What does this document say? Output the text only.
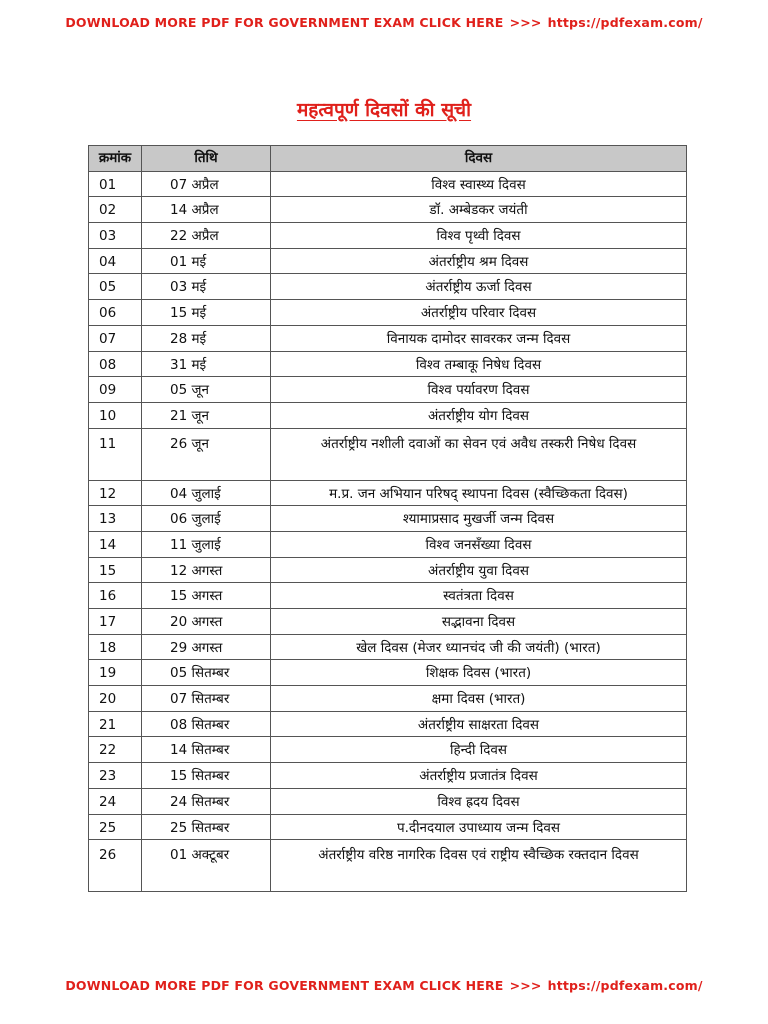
DOWNLOAD MORE PDF FOR GOVERNMENT EXAM CLICK HERE >>> https://pdfexam.com/
महत्वपूर्ण दिवसों की सूची
क्रमांक	तिथि	दिवस
01	07 अप्रैल	विश्व स्वास्थ्य दिवस
02	14 अप्रैल	डॉ. अम्बेडकर जयंती
03	22 अप्रैल	विश्व पृथ्वी दिवस
04	01 मई	अंतर्राष्ट्रीय श्रम दिवस
05	03 मई	अंतर्राष्ट्रीय ऊर्जा दिवस
06	15 मई	अंतर्राष्ट्रीय परिवार दिवस
07	28 मई	विनायक दामोदर सावरकर जन्म दिवस
08	31 मई	विश्व तम्बाकू निषेध दिवस
09	05 जून	विश्व पर्यावरण दिवस
10	21 जून	अंतर्राष्ट्रीय योग दिवस
11	26 जून	अंतर्राष्ट्रीय नशीली दवाओं का सेवन एवं अवैध तस्करी निषेध दिवस
12	04 जुलाई	म.प्र. जन अभियान परिषद् स्थापना दिवस (स्वैच्छिकता दिवस)
13	06 जुलाई	श्यामाप्रसाद मुखर्जी जन्म दिवस
14	11 जुलाई	विश्व जनसँख्या दिवस
15	12 अगस्त	अंतर्राष्ट्रीय युवा दिवस
16	15 अगस्त	स्वतंत्रता दिवस
17	20 अगस्त	सद्भावना दिवस
18	29 अगस्त	खेल दिवस (मेजर ध्यानचंद जी की जयंती) (भारत)
19	05 सितम्बर	शिक्षक दिवस (भारत)
20	07 सितम्बर	क्षमा दिवस (भारत)
21	08 सितम्बर	अंतर्राष्ट्रीय साक्षरता दिवस
22	14 सितम्बर	हिन्दी दिवस
23	15 सितम्बर	अंतर्राष्ट्रीय प्रजातंत्र दिवस
24	24 सितम्बर	विश्व ह्रदय दिवस
25	25 सितम्बर	प.दीनदयाल उपाध्याय जन्म दिवस
26	01 अक्टूबर	अंतर्राष्ट्रीय वरिष्ठ नागरिक दिवस एवं राष्ट्रीय स्वैच्छिक रक्तदान दिवस
DOWNLOAD MORE PDF FOR GOVERNMENT EXAM CLICK HERE >>> https://pdfexam.com/
